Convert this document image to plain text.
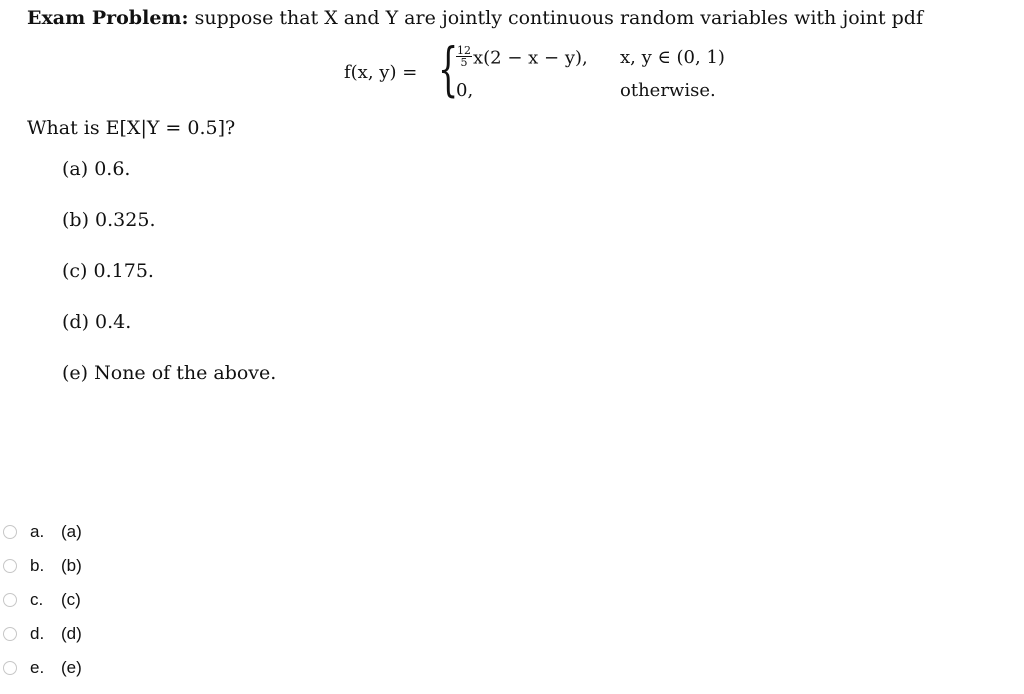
Exam Problem: suppose that X and Y are jointly continuous random variables with joint pdf
f(x, y) = {
$\frac{12}{5} x(2 - x - y)$, x, y ∈ (0, 1)
0,	otherwise.
What is E[X|Y = 0.5]?
(a) 0.6.
(b) 0.325.
(c) 0.175.
(d) 0.4.
(e) None of the above.
a. (a)
b. (b)
c.	(c)
d. (d)
e. (e)
